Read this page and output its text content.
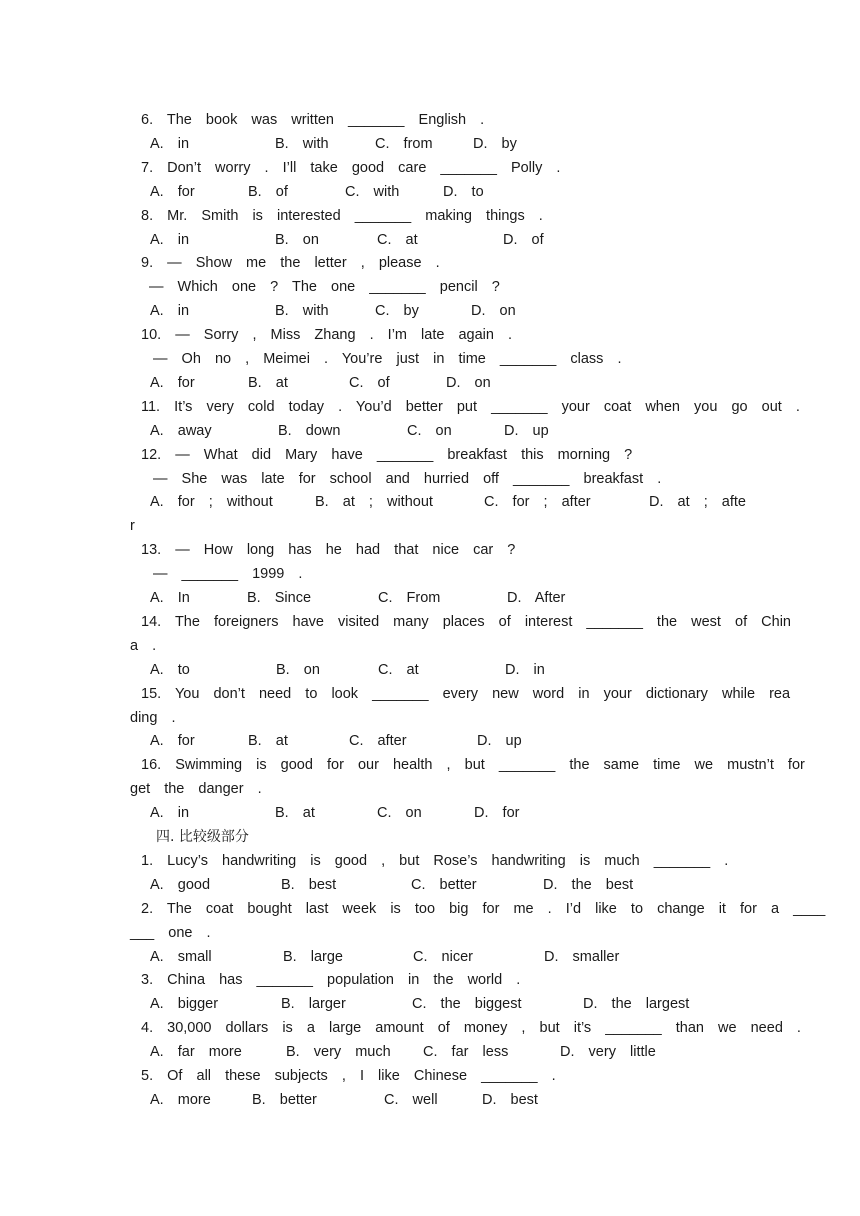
6.  The  book  was  written  _______  English  .
A.  in	B.  with	C.  from	D.  by
7.  Don’t  worry  .  I’ll  take  good  care  _______  Polly  .
A.  for	B.  of	C.  with	D.  to
8.  Mr.  Smith  is  interested  _______  making  things  .
A.  in	B.  on	C.  at	D.  of
9.  —  Show  me  the  letter  ,  please  .
—  Which  one  ?  The  one  _______  pencil  ?
A.  in	B.  with	C.  by	D.  on
10.  —  Sorry  ,  Miss  Zhang  .  I’m  late  again  .
—  Oh  no  ,  Meimei  .  You’re  just  in  time  _______  class  .
A.  for	B.  at	C.  of	D.  on
11.  It’s  very  cold  today  .  You’d  better  put  _______  your  coat  when  you  go  out  .
A.  away	B.  down	C.  on	D.  up
12.  —  What  did  Mary  have  _______  breakfast  this  morning  ?
—  She  was  late  for  school  and  hurried  off  _______  breakfast  .
A.  for  ;  without	B.  at  ;  without	C.  for  ;  after	D.  at  ;  afte
r
13.  —  How  long  has  he  had  that  nice  car  ?
—  _______  1999  .
A.  In	B.  Since	C.  From	D.  After
14.  The  foreigners  have  visited  many  places  of  interest  _______  the  west  of  Chin
a  .
A.  to	B.  on	C.  at	D.  in
15.  You  don’t  need  to  look  _______  every  new  word  in  your  dictionary  while  rea
ding  .
A.  for	B.  at	C.  after	D.  up
16.  Swimming  is  good  for  our  health  ,  but  _______  the  same  time  we  mustn’t  for
get  the  danger  .
A.  in	B.  at	C.  on	D.  for
四. 比较级部分
1.  Lucy’s  handwriting  is  good  ,  but  Rose’s  handwriting  is  much  _______  .
A.  good	B.  best	C.  better	D.  the  best
2.  The  coat  bought  last  week  is  too  big  for  me  .  I’d  like  to  change  it  for  a  ____
___  one  .
A.  small	B.  large	C.  nicer	D.  smaller
3.  China  has  _______  population  in  the  world  .
A.  bigger	B.  larger	C.  the  biggest	D.  the  largest
4.  30,000  dollars  is  a  large  amount  of  money  ,  but  it’s  _______  than  we  need  .
A.  far  more	B.  very  much C.  far  less	D.  very  little
5.  Of  all  these  subjects  ,  I  like  Chinese  _______  .
A.  more	B.  better	C.  well	D.  best
